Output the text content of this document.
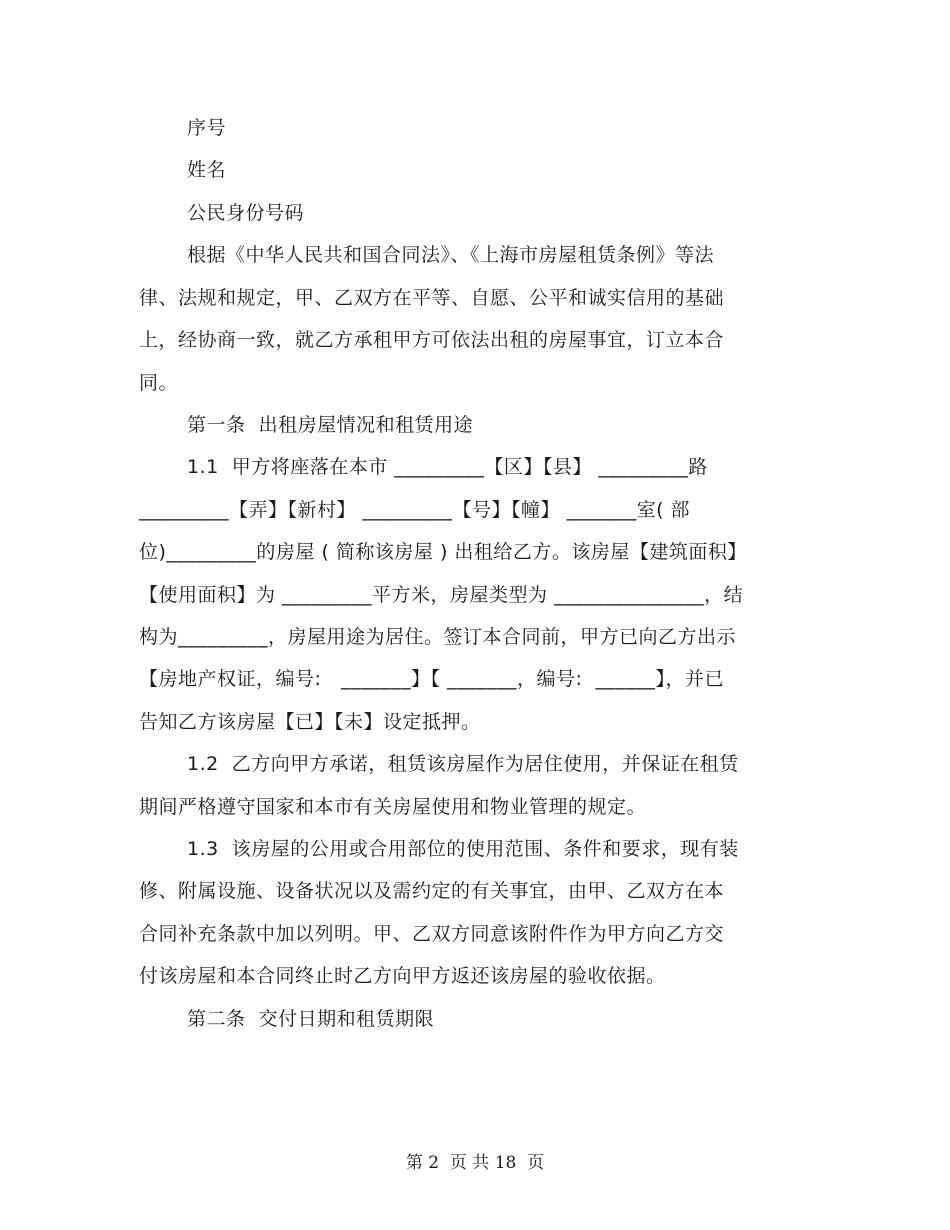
序号
姓名
公民身份号码
根据《中华人民共和国合同法》、《上海市房屋租赁条例》等法
律、法规和规定，甲、乙双方在平等、自愿、公平和诚实信用的基础
上，经协商一致，就乙方承租甲方可依法出租的房屋事宜，订立本合
同。
第一条  出租房屋情况和租赁用途
1.1  甲方将座落在本市 _________【区】【县】 _________路
_________【弄】【新村】 _________【号】【幢】 _______室( 部
位)_________的房屋 ( 简称该房屋 ) 出租给乙方。该房屋【建筑面积】
【使用面积】为 _________平方米，房屋类型为 _______________，结
构为_________，房屋用途为居住。签订本合同前，甲方已向乙方出示
【房地产权证，编号:   _______】【 _______，编号:  ______】，并已
告知乙方该房屋【已】【未】设定抵押。
1.2  乙方向甲方承诺，租赁该房屋作为居住使用，并保证在租赁
期间严格遵守国家和本市有关房屋使用和物业管理的规定。
1.3  该房屋的公用或合用部位的使用范围、条件和要求，现有装
修、附属设施、设备状况以及需约定的有关事宜，由甲、乙双方在本
合同补充条款中加以列明。甲、乙双方同意该附件作为甲方向乙方交
付该房屋和本合同终止时乙方向甲方返还该房屋的验收依据。
第二条  交付日期和租赁期限
第 2  页 共 18  页
